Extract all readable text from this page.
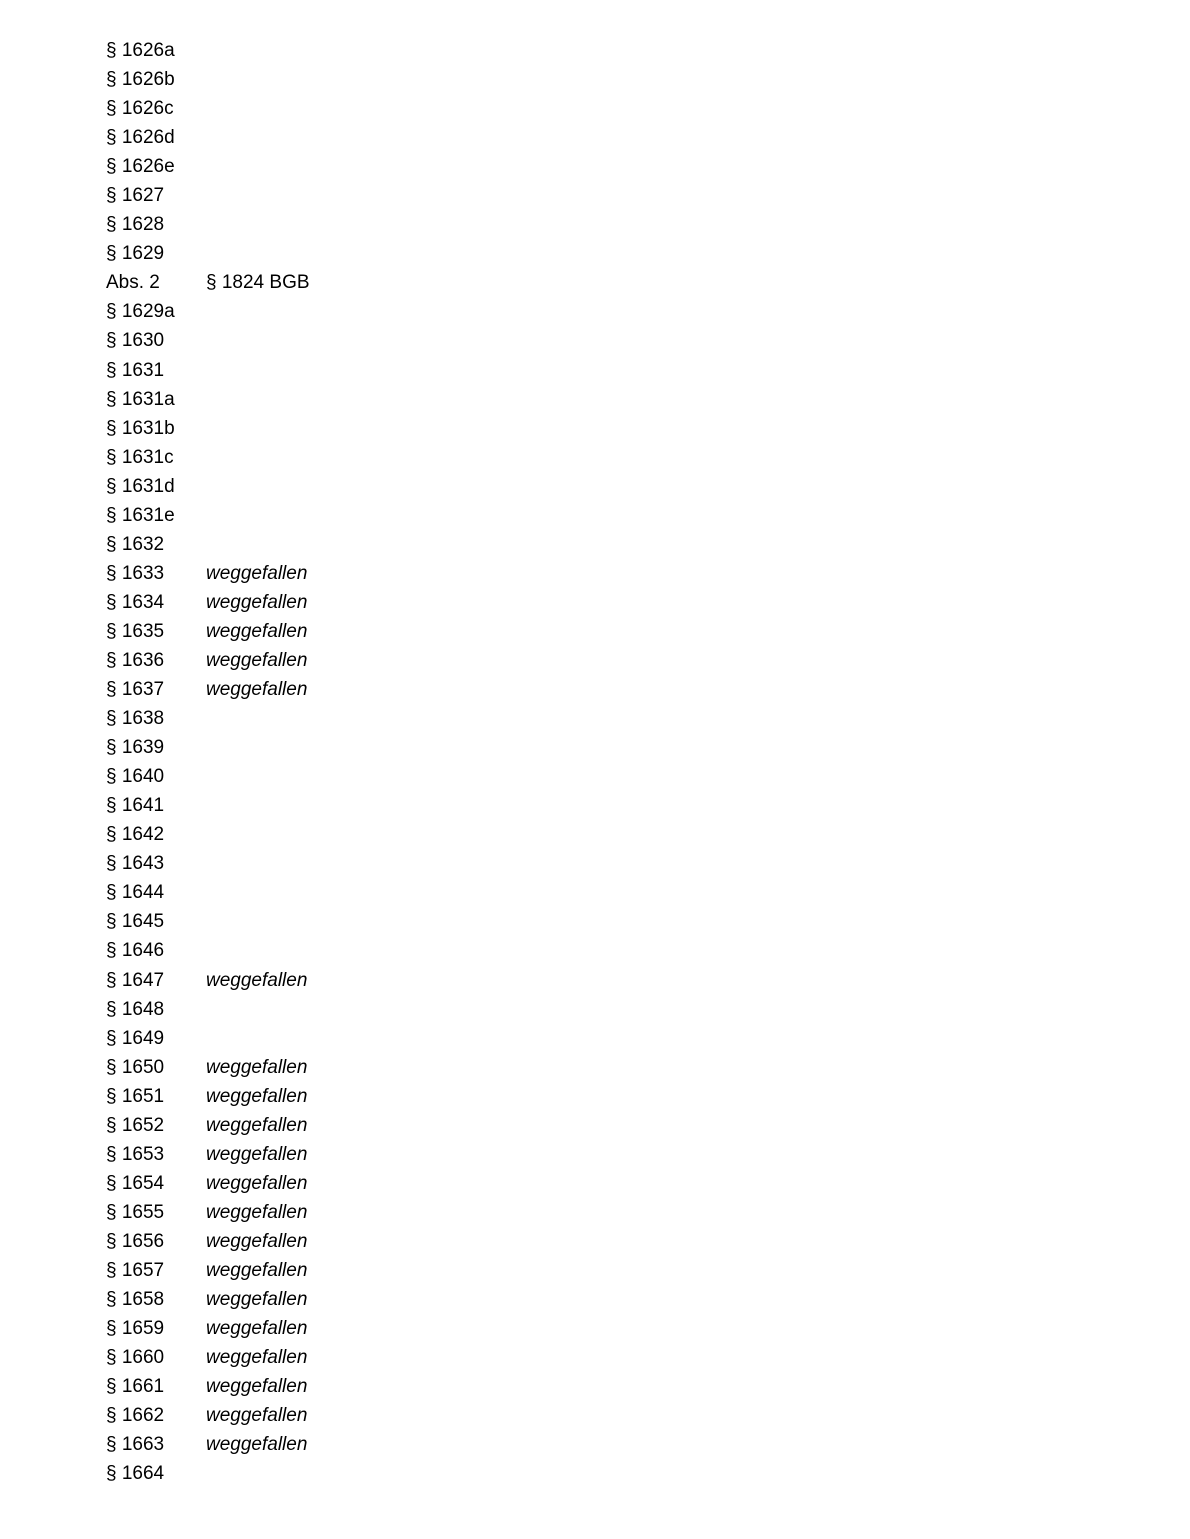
§ 1626a
§ 1626b
§ 1626c
§ 1626d
§ 1626e
§ 1627
§ 1628
§ 1629
Abs. 2	§ 1824 BGB
§ 1629a
§ 1630
§ 1631
§ 1631a
§ 1631b
§ 1631c
§ 1631d
§ 1631e
§ 1632
§ 1633	weggefallen
§ 1634	weggefallen
§ 1635	weggefallen
§ 1636	weggefallen
§ 1637	weggefallen
§ 1638
§ 1639
§ 1640
§ 1641
§ 1642
§ 1643
§ 1644
§ 1645
§ 1646
§ 1647	weggefallen
§ 1648
§ 1649
§ 1650	weggefallen
§ 1651	weggefallen
§ 1652	weggefallen
§ 1653	weggefallen
§ 1654	weggefallen
§ 1655	weggefallen
§ 1656	weggefallen
§ 1657	weggefallen
§ 1658	weggefallen
§ 1659	weggefallen
§ 1660	weggefallen
§ 1661	weggefallen
§ 1662	weggefallen
§ 1663	weggefallen
§ 1664
